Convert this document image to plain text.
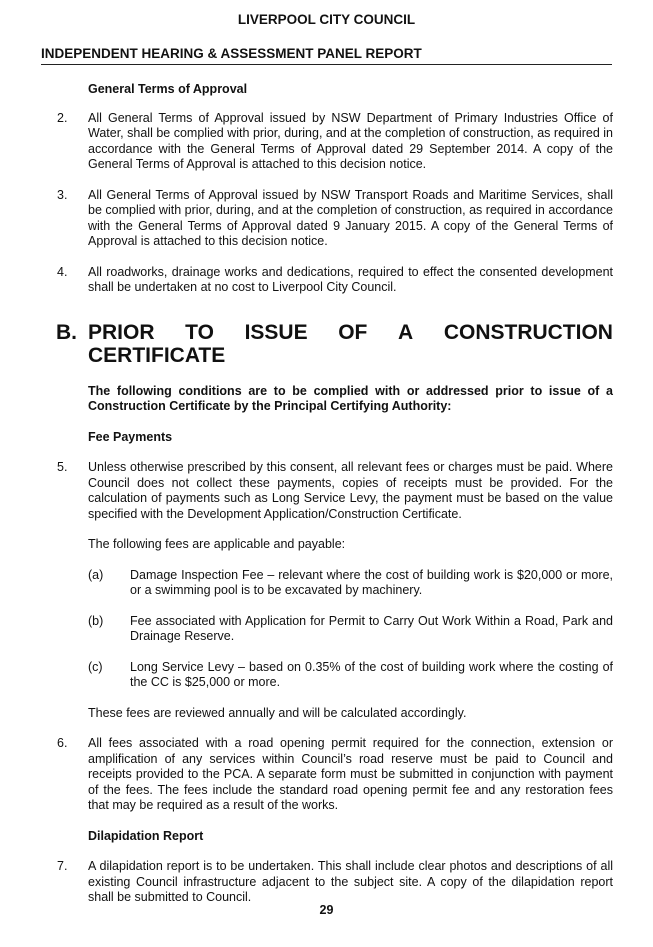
LIVERPOOL CITY COUNCIL
INDEPENDENT HEARING & ASSESSMENT PANEL REPORT

General Terms of Approval

2.	All General Terms of Approval issued by NSW Department of Primary Industries Office of Water, shall be complied with prior, during, and at the completion of construction, as required in accordance with the General Terms of Approval dated 29 September 2014. A copy of the General Terms of Approval is attached to this decision notice.
3.	All General Terms of Approval issued by NSW Transport Roads and Maritime Services, shall be complied with prior, during, and at the completion of construction, as required in accordance with the General Terms of Approval dated 9 January 2015. A copy of the General Terms of Approval is attached to this decision notice.
4.	All roadworks, drainage works and dedications, required to effect the consented development shall be undertaken at no cost to Liverpool City Council.
B. PRIOR TO ISSUE OF A CONSTRUCTION
CERTIFICATE

The following conditions are to be complied with or addressed prior to issue of a Construction Certificate by the Principal Certifying Authority:

Fee Payments

5.	Unless otherwise prescribed by this consent, all relevant fees or charges must be paid. Where Council does not collect these payments, copies of receipts must be provided. For the calculation of payments such as Long Service Levy, the payment must be based on the value specified with the Development Application/Construction Certificate.

The following fees are applicable and payable:

(a)	Damage Inspection Fee – relevant where the cost of building work is $20,000 or more, or a swimming pool is to be excavated by machinery.
(b)	Fee associated with Application for Permit to Carry Out Work Within a Road, Park and Drainage Reserve.
(c)	Long Service Levy – based on 0.35% of the cost of building work where the costing of the CC is $25,000 or more.

These fees are reviewed annually and will be calculated accordingly.

6.	All fees associated with a road opening permit required for the connection, extension or amplification of any services within Council’s road reserve must be paid to Council and receipts provided to the PCA. A separate form must be submitted in conjunction with payment of the fees. The fees include the standard road opening permit fee and any restoration fees that may be required as a result of the works.

Dilapidation Report

7.	A dilapidation report is to be undertaken. This shall include clear photos and descriptions of all existing Council infrastructure adjacent to the subject site. A copy of the dilapidation report shall be submitted to Council.
29
